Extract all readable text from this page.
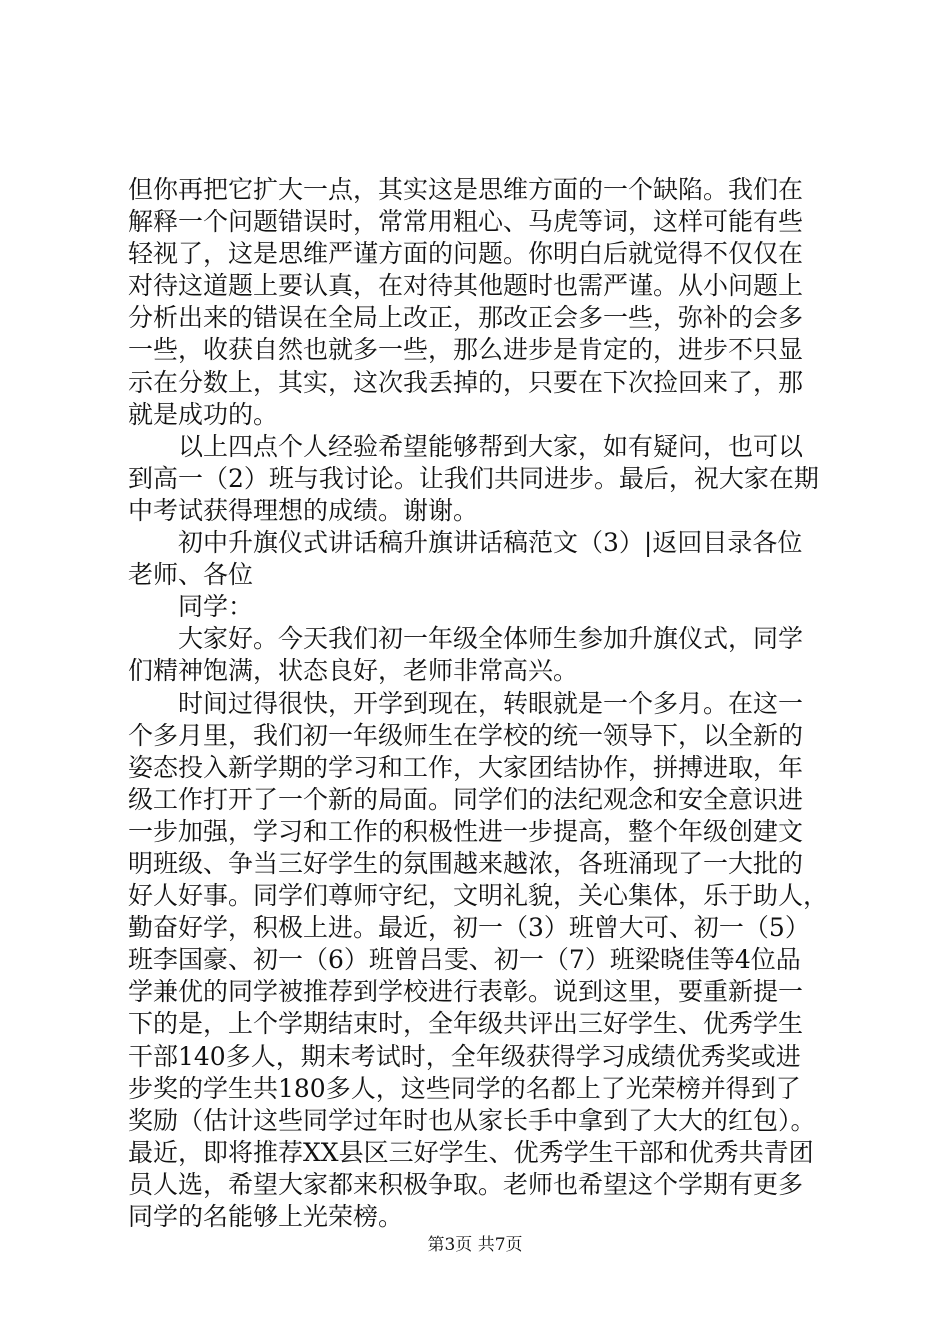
但你再把它扩大一点，其实这是思维方面的一个缺陷。我们在
解释一个问题错误时，常常用粗心、马虎等词，这样可能有些
轻视了，这是思维严谨方面的问题。你明白后就觉得不仅仅在
对待这道题上要认真，在对待其他题时也需严谨。从小问题上
分析出来的错误在全局上改正，那改正会多一些，弥补的会多
一些，收获自然也就多一些，那么进步是肯定的，进步不只显
示在分数上，其实，这次我丢掉的，只要在下次捡回来了，那
就是成功的。
　　以上四点个人经验希望能够帮到大家，如有疑问，也可以
到高一（2）班与我讨论。让我们共同进步。最后，祝大家在期
中考试获得理想的成绩。谢谢。
　　初中升旗仪式讲话稿升旗讲话稿范文（3）|返回目录各位
老师、各位
　　同学：
　　大家好。今天我们初一年级全体师生参加升旗仪式，同学
们精神饱满，状态良好，老师非常高兴。
　　时间过得很快，开学到现在，转眼就是一个多月。在这一
个多月里，我们初一年级师生在学校的统一领导下，以全新的
姿态投入新学期的学习和工作，大家团结协作，拼搏进取，年
级工作打开了一个新的局面。同学们的法纪观念和安全意识进
一步加强，学习和工作的积极性进一步提高，整个年级创建文
明班级、争当三好学生的氛围越来越浓，各班涌现了一大批的
好人好事。同学们尊师守纪，文明礼貌，关心集体，乐于助人，
勤奋好学，积极上进。最近，初一（3）班曾大可、初一（5）
班李国豪、初一（6）班曾吕雯、初一（7）班梁晓佳等4位品
学兼优的同学被推荐到学校进行表彰。说到这里，要重新提一
下的是，上个学期结束时，全年级共评出三好学生、优秀学生
干部140多人，期末考试时，全年级获得学习成绩优秀奖或进
步奖的学生共180多人，这些同学的名都上了光荣榜并得到了
奖励（估计这些同学过年时也从家长手中拿到了大大的红包）。
最近，即将推荐XX县区三好学生、优秀学生干部和优秀共青团
员人选，希望大家都来积极争取。老师也希望这个学期有更多
同学的名能够上光荣榜。
第3页 共7页
